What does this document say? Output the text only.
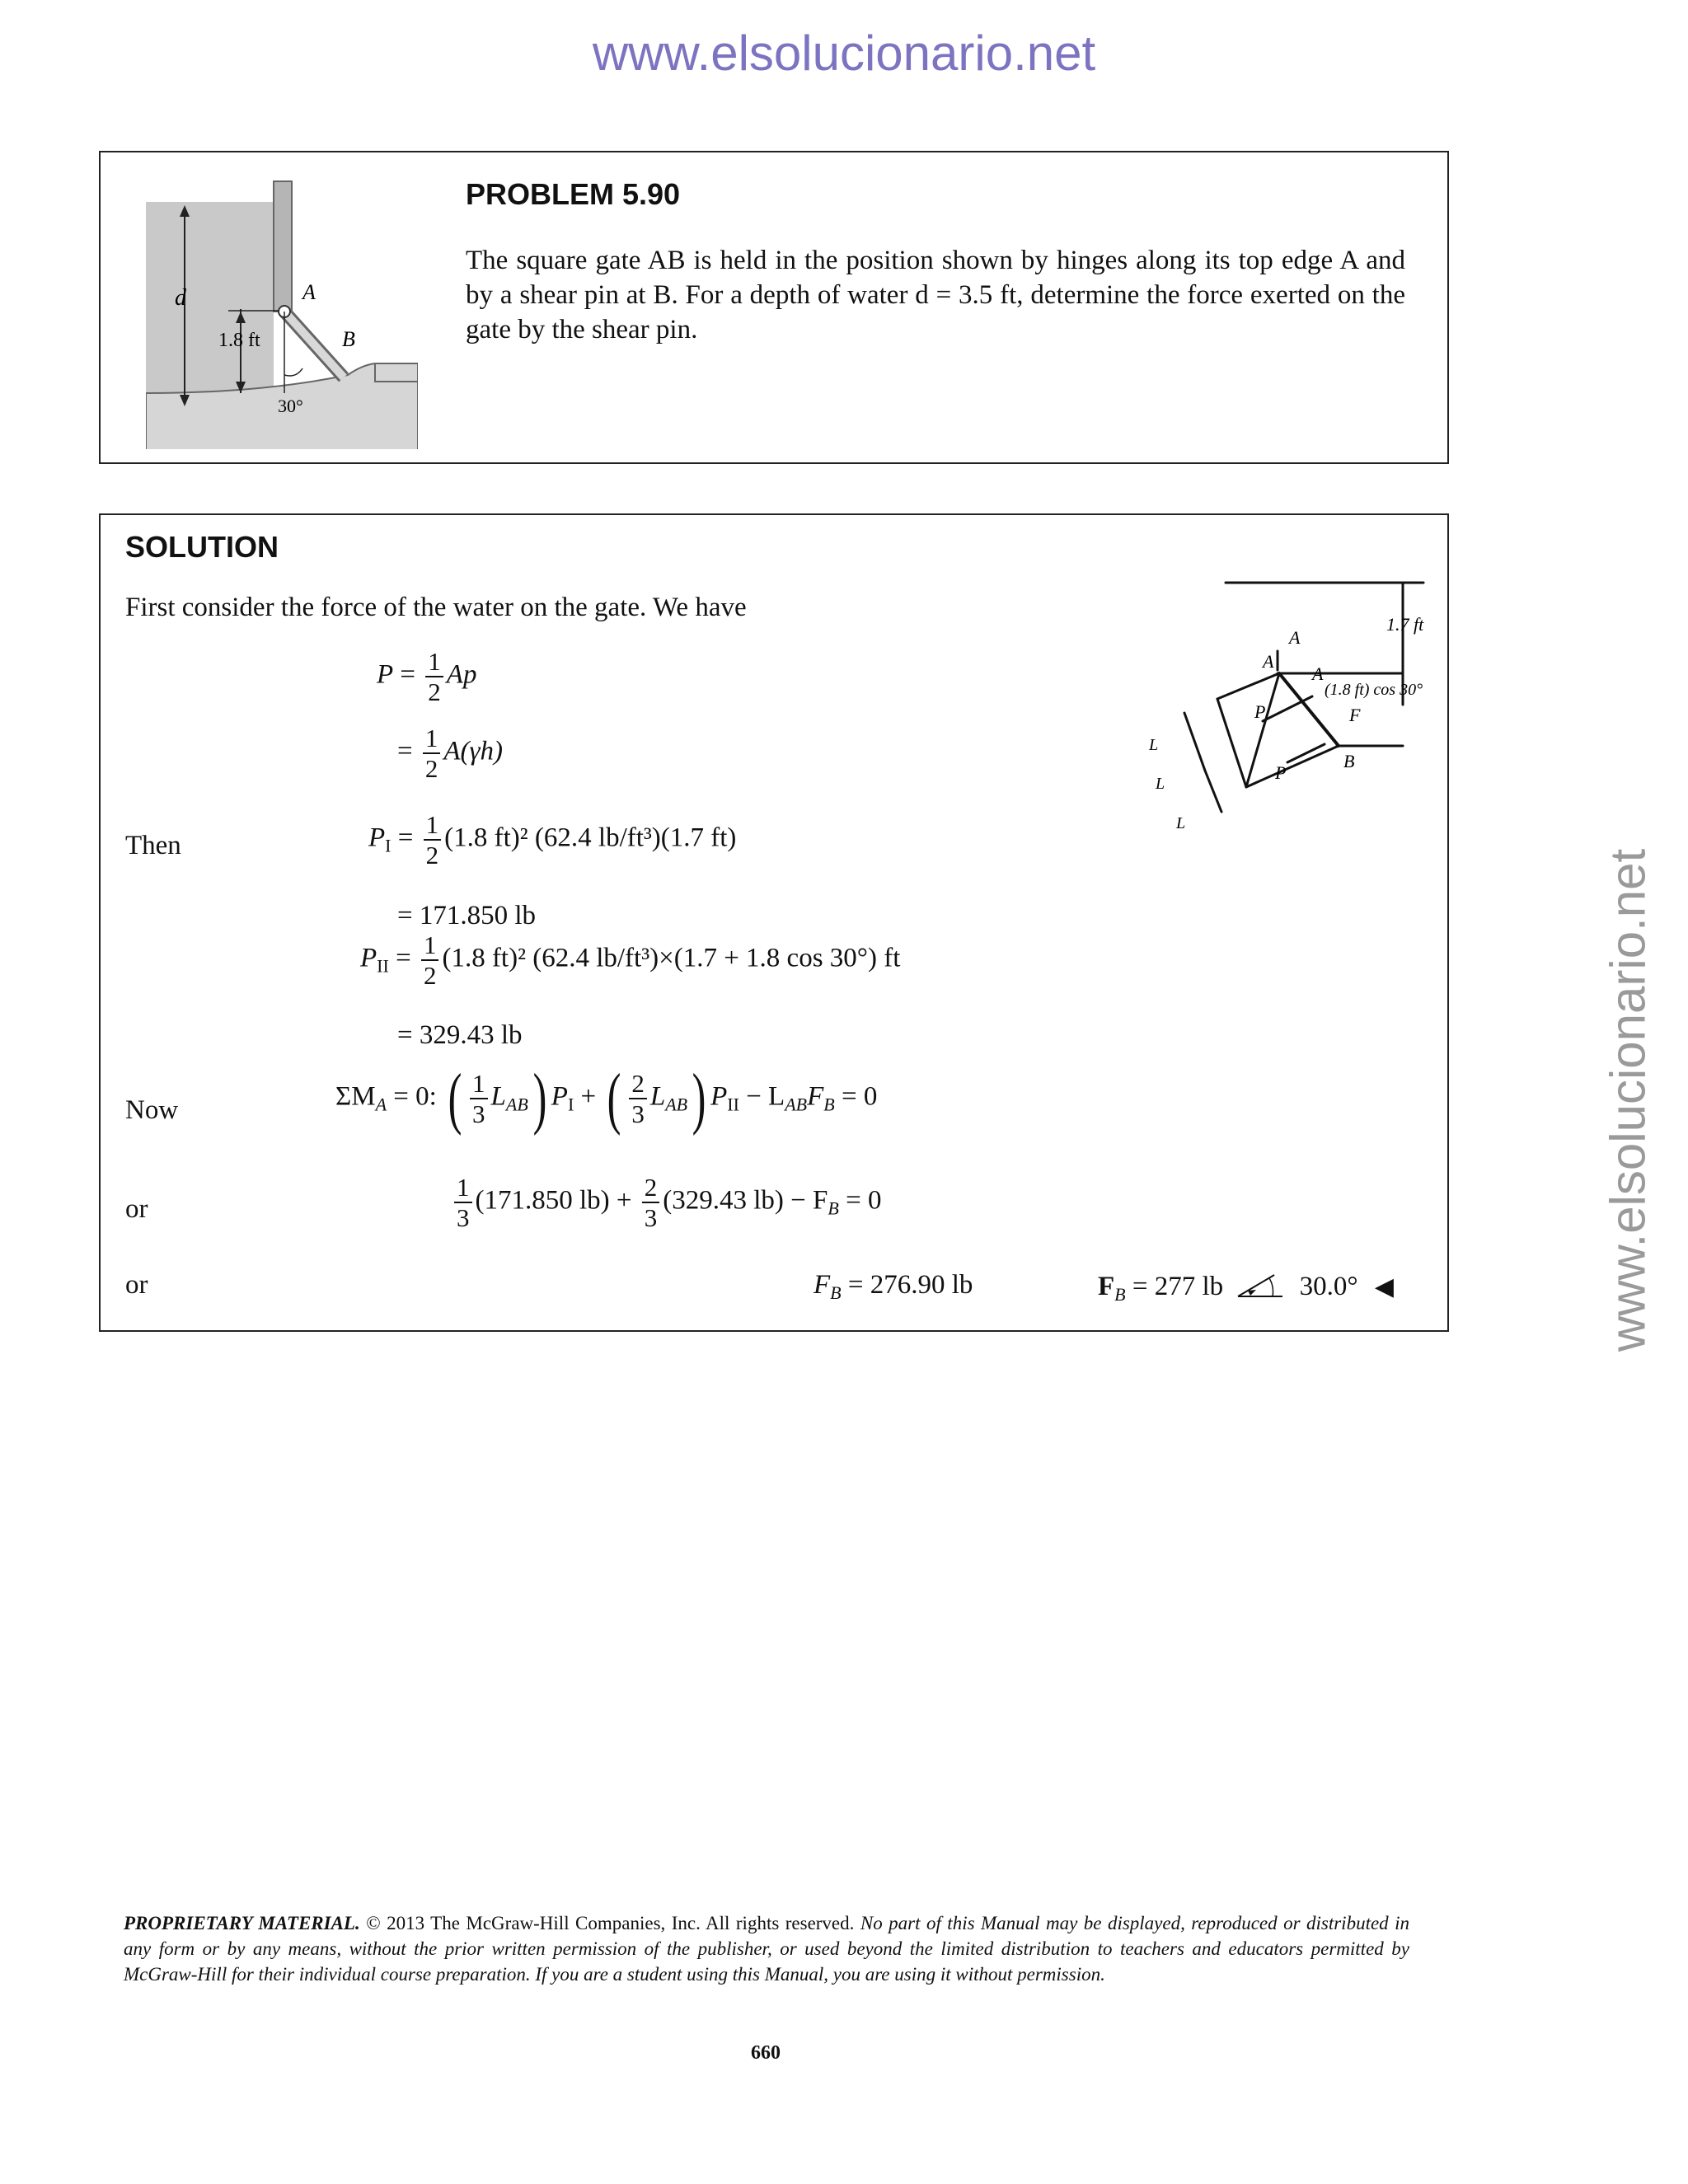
www.elsolucionario.net
www.elsolucionario.net
d	A
B
1.8 ft
30°
PROBLEM 5.90
The square gate AB is held in the position shown by hinges along its top edge A and by a shear pin at B. For a depth of water d = 3.5 ft, determine the force exerted on the gate by the shear pin.
SOLUTION
First consider the force of the water on the gate. We have
$P = \frac{1}{2}$ Ap
= $\frac{1}{2} A(\gamma h)$
Then	$P_I = \frac{1}{2} (1.8$ ft)² (62.4 lb/ft³)(1.7 ft)
= 171.850 lb
$P_{II} = \frac{1}{2} (1.8$ ft)² (62.4 lb/ft³)×(1.7 + 1.8 cos 30°) ft
= 329.43 lb
Now	$\Sigma M_A = 0$: ( $\frac{1}{3} L_{AB}$) $P_I$ + ( $\frac{2}{3} L_{AB}$) $P_{II} - L_{AB}F_B = 0$
or	$\frac{1}{3} (171.850$ $lb) + \frac{2}{3} (329.43$ $lb) - F_B = 0$
or	$F_B = 276.90$ lb	$F_B = 277$ lb	30.0° ◀
1.7 ft
(1.8 ft) cos 30°
A
A
P
P
F
A
B
L
L
L
PROPRIETARY MATERIAL. © 2013 The McGraw-Hill Companies, Inc. All rights reserved. No part of this Manual may be displayed, reproduced or distributed in any form or by any means, without the prior written permission of the publisher, or used beyond the limited distribution to teachers and educators permitted by McGraw-Hill for their individual course preparation. If you are a student using this Manual, you are using it without permission.
660
